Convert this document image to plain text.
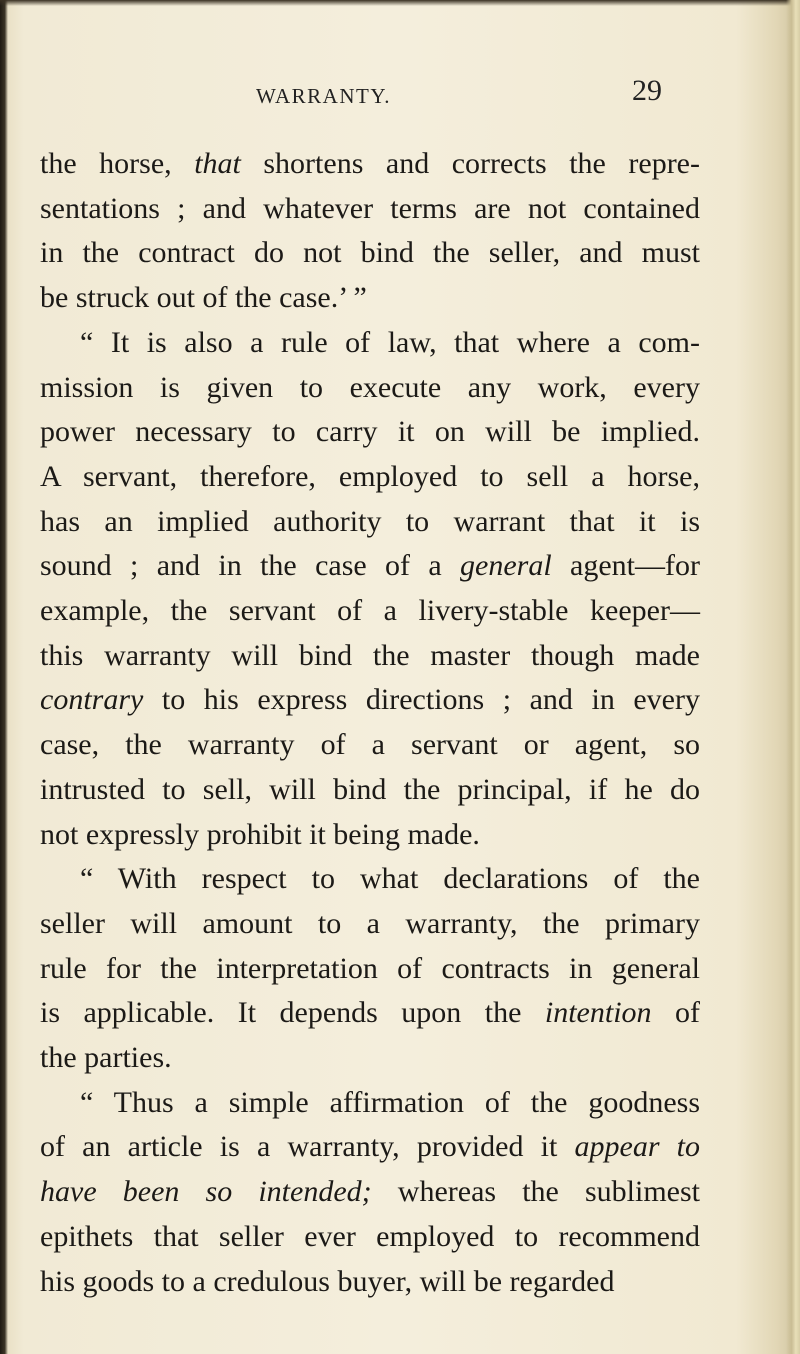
WARRANTY.	29

the horse, that shortens and corrects the repre-
sentations ; and whatever terms are not contained
in the contract do not bind the seller, and must
be struck out of the case.’ ”

“ It is also a rule of law, that where a com-
mission is given to execute any work, every
power necessary to carry it on will be implied.
A servant, therefore, employed to sell a horse,
has an implied authority to warrant that it is
sound ; and in the case of a general agent—for
example, the servant of a livery-stable keeper—
this warranty will bind the master though made
contrary to his express directions ; and in every
case, the warranty of a servant or agent, so
intrusted to sell, will bind the principal, if he do
not expressly prohibit it being made.

“ With respect to what declarations of the
seller will amount to a warranty, the primary
rule for the interpretation of contracts in general
is applicable. It depends upon the intention of
the parties.

“ Thus a simple affirmation of the goodness
of an article is a warranty, provided it appear to
have been so intended; whereas the sublimest
epithets that seller ever employed to recommend
his goods to a credulous buyer, will be regarded
